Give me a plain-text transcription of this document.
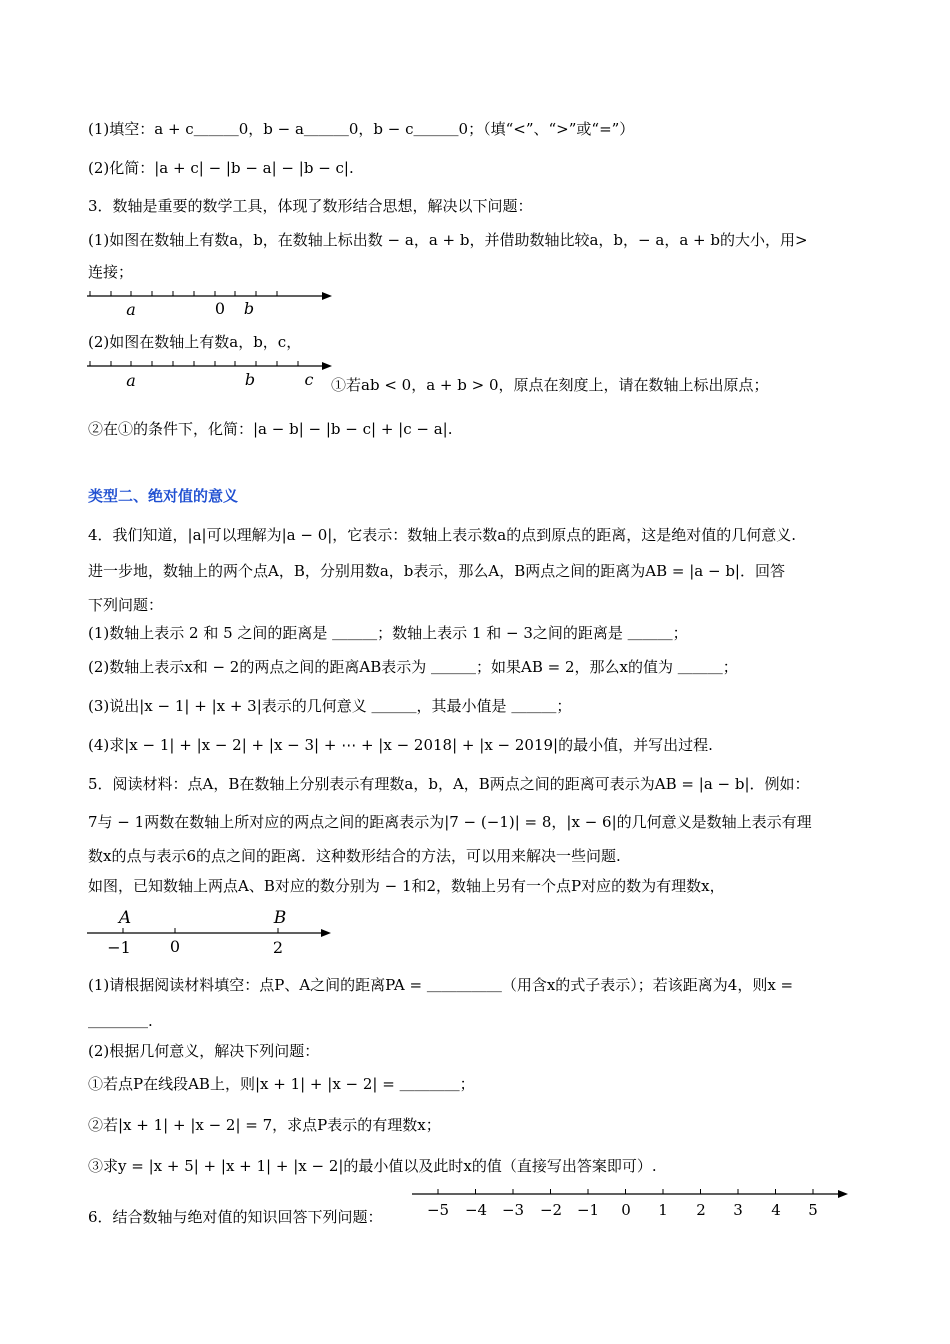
(1)填空：a + c＿＿＿0，b − a＿＿＿0，b − c＿＿＿0；（填“<”、“>”或“=”）
(2)化简：|a + c| − |b − a| − |b − c|.
3．数轴是重要的数学工具，体现了数形结合思想，解决以下问题：
(1)如图在数轴上有数a，b，在数轴上标出数 − a，a + b，并借助数轴比较a，b，− a，a + b的大小，用>
连接；
a	0 b
(2)如图在数轴上有数a，b，c，
a	b	c ①若ab < 0，a + b > 0，原点在刻度上，请在数轴上标出原点；
②在①的条件下，化简：|a − b| − |b − c| + |c − a|.
类型二、绝对值的意义
4．我们知道，|a|可以理解为|a − 0|，它表示：数轴上表示数a的点到原点的距离，这是绝对值的几何意义.
进一步地，数轴上的两个点A，B，分别用数a，b表示，那么A，B两点之间的距离为AB = |a − b|．回答
下列问题：
(1)数轴上表示 2 和 5 之间的距离是 ＿＿＿；数轴上表示 1 和 − 3之间的距离是 ＿＿＿；
(2)数轴上表示x和 − 2的两点之间的距离AB表示为 ＿＿＿；如果AB = 2，那么x的值为 ＿＿＿；
(3)说出|x − 1| + |x + 3|表示的几何意义 ＿＿＿，其最小值是 ＿＿＿；
(4)求|x − 1| + |x − 2| + |x − 3| + ⋯ + |x − 2018| + |x − 2019|的最小值，并写出过程.
5．阅读材料：点A，B在数轴上分别表示有理数a，b，A，B两点之间的距离可表示为AB = |a − b|．例如：
7与 − 1两数在数轴上所对应的两点之间的距离表示为|7 − (−1)| = 8，|x − 6|的几何意义是数轴上表示有理
数x的点与表示6的点之间的距离．这种数形结合的方法，可以用来解决一些问题.
如图，已知数轴上两点A、B对应的数分别为 − 1和2，数轴上另有一个点P对应的数为有理数x，
A	B
−1 0	2
(1)请根据阅读材料填空：点P、A之间的距离PA = ＿＿＿＿＿（用含x的式子表示）；若该距离为4，则x =
＿＿＿＿.
(2)根据几何意义，解决下列问题：
①若点P在线段AB上，则|x + 1| + |x − 2| = ＿＿＿＿；
②若|x + 1| + |x − 2| = 7，求点P表示的有理数x；
③求y = |x + 5| + |x + 1| + |x − 2|的最小值以及此时x的值（直接写出答案即可）.
6．结合数轴与绝对值的知识回答下列问题：	−5 −4 −3 −2 −1 0 1 2 3 4 5
